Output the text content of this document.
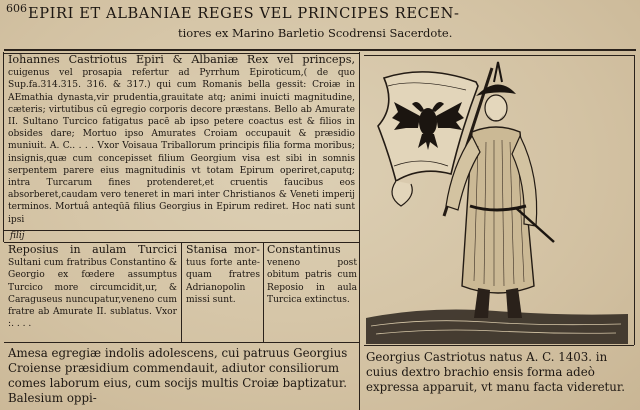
606 EPIRI ET ALBANIAE REGES VEL PRINCIPES RECEN-
tiores ex Marino Barletio Scodrensi Sacerdote.
Iohannes Castriotus Epiri & Albaniæ Rex vel princeps, cuigenus vel prosapia refertur ad Pyrrhum Epiroticum,( de quo Sup.fa.314.315. 316. & 317.) qui cum Romanis bella gessit: Croiæ in AEmathia dynasta,vir prudentia,grauitate atq; animi inuicti magnitudine, cæteris; virtutibus cū egregio corporis decore præstans. Bello ab Amurate II. Sultano Turcico fatigatus pacē ab ipso petere coactus est & filios in obsides dare; Mortuo ipso Amurates Croiam occupauit & præsidio muniuit. A. C.. . . . Vxor Voisaua Triballorum principis filia forma moribus; insignis,quæ cum concepisset filium Georgium visa est sibi in somnis serpentem parere eius magnitudinis vt totam Epirum operiret,caputq; intra Turcarum fines protenderet,et cruentis faucibus eos absorberet,caudam vero teneret in mari inter Christianos & Veneti imperij terminos. Mortuâ anteqūā filius Georgius in Epirum rediret. Hoc nati sunt ipsi
filij
Reposius in aulam Turcici Sultani cum fratribus Constantino & Georgio ex fœdere assumptus Turcico more circumcidit,ur, & Caraguseus nuncupatur,veneno cum fratre ab Amurate II. sublatus. Vxor :. . . .
Stanisa mor- tuus forte ante-quam fratres Adrianopolin missi sunt.
Constantinus veneno post obitum patris cum Reposio in aula Turcica extinctus.
Amesa egregiæ indolis adolescens, cui patruus Georgius Croiense præsidium commendauit, adiutor consiliorum comes laborum eius, cum socijs multis Croiæ baptizatur. Balesium oppi-
Georgius Castriotus natus A. C. 1403. in cuius dextro brachio ensis forma adeò expressa apparuit, vt manu facta videretur.
